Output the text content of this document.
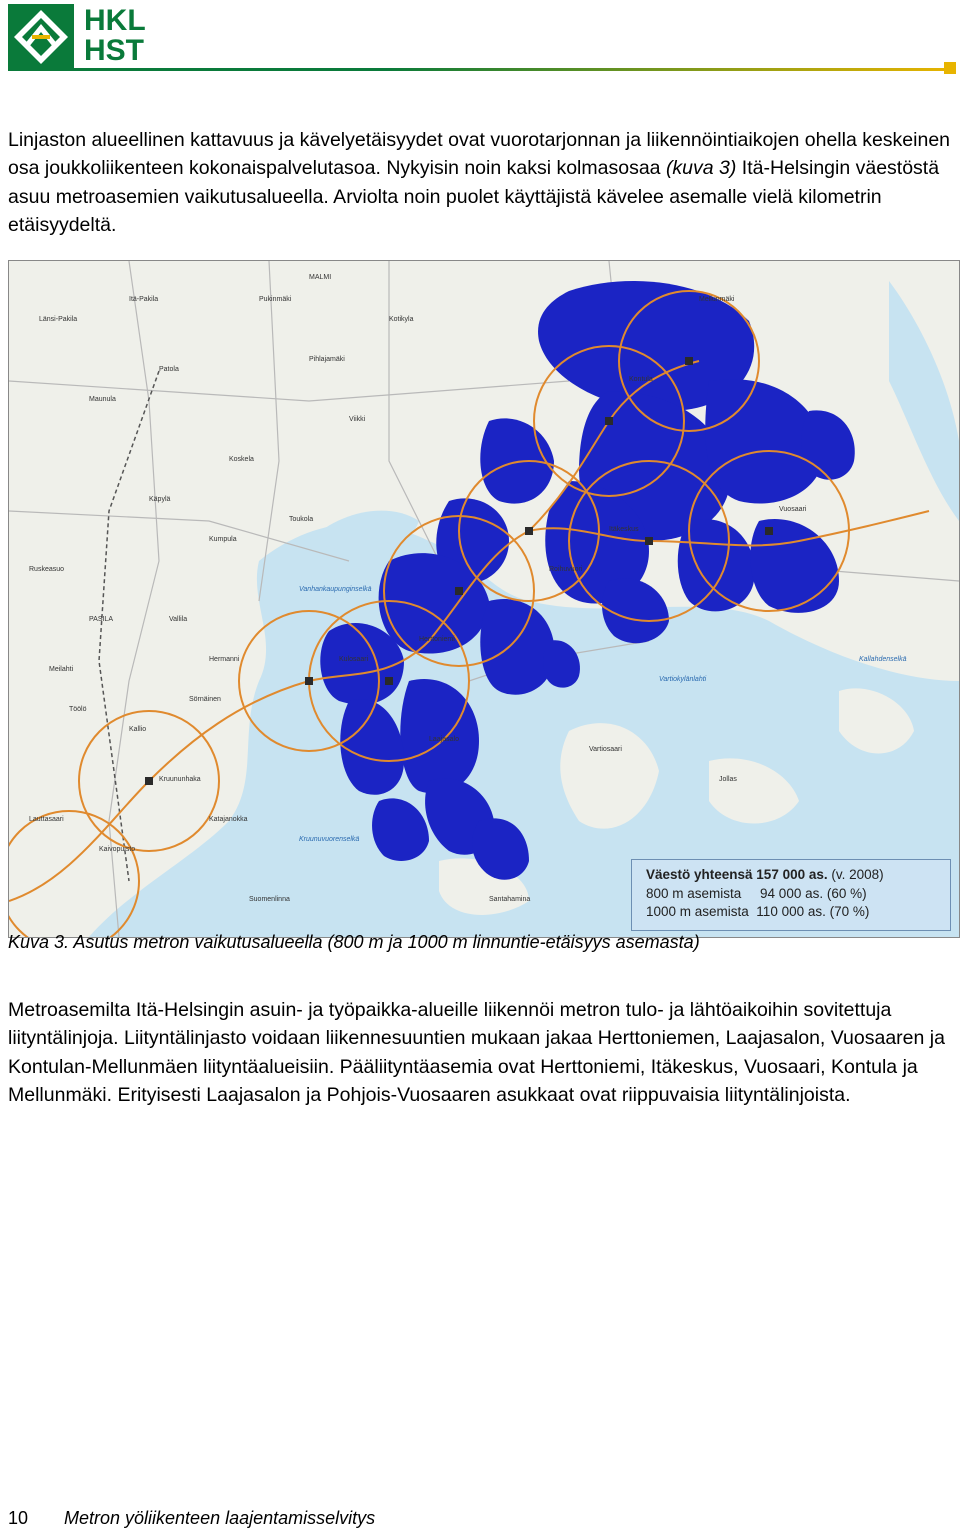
HKL
HST

Linjaston alueellinen kattavuus ja kävelyetäisyydet ovat vuorotarjonnan ja liikennöintiaikojen ohella keskeinen osa joukkoliikenteen kokonaispalvelutasoa. Nykyisin noin kaksi kolmasosaa (kuva 3) Itä-Helsingin väestöstä asuu metroasemien vaikutusalueella. Arviolta noin puolet käyttäjistä kävelee asemalle vielä kilometrin etäisyydeltä.

MALMI
Pukinmäki
Itä-Pakila
Länsi-Pakila
Patola
Maunula
Kotikyla
Pihlajamäki
Viikki
Käpylä
Koskela
Kumpula
Toukola
PASILA	Vallila
Hermanni
Sörnäinen
Kallio
Kruununhaka
Katajanokka
Kulosaari
Herttoniemi
Roihuvuori
Itäkeskus
Kontula
Mellunmäki
Vuosaari
Laajasalo
Santahamina
Vartiosaari
Jollas
Töölö
Meilahti
Ruskeasuo
Lauttasaari
Kaivopuisto
Suomenlinna
Vanhankaupunginselkä
Kruunuvuorenselkä
Kallahdenselkä
Vartiokylänlahti
Väestö yhteensä 157 000 as. (v. 2008)
800 m asemista     94 000 as. (60 %)
1000 m asemista  110 000 as. (70 %)

Kuva 3. Asutus metron vaikutusalueella (800 m ja 1000 m linnuntie-etäisyys asemasta)

Metroasemilta Itä-Helsingin asuin- ja työpaikka-alueille liikennöi metron tulo- ja lähtöaikoihin sovitettuja liityntälinjoja. Liityntälinjasto voidaan liikennesuuntien mukaan jakaa Herttoniemen, Laajasalon, Vuosaaren ja Kontulan-Mellunmäen liityntäalueisiin. Pääliityntäasemia ovat Herttoniemi, Itäkeskus, Vuosaari, Kontula ja Mellunmäki. Erityisesti Laajasalon ja Pohjois-Vuosaaren asukkaat ovat riippuvaisia liityntälinjoista.

10 Metron yöliikenteen laajentamisselvitys
